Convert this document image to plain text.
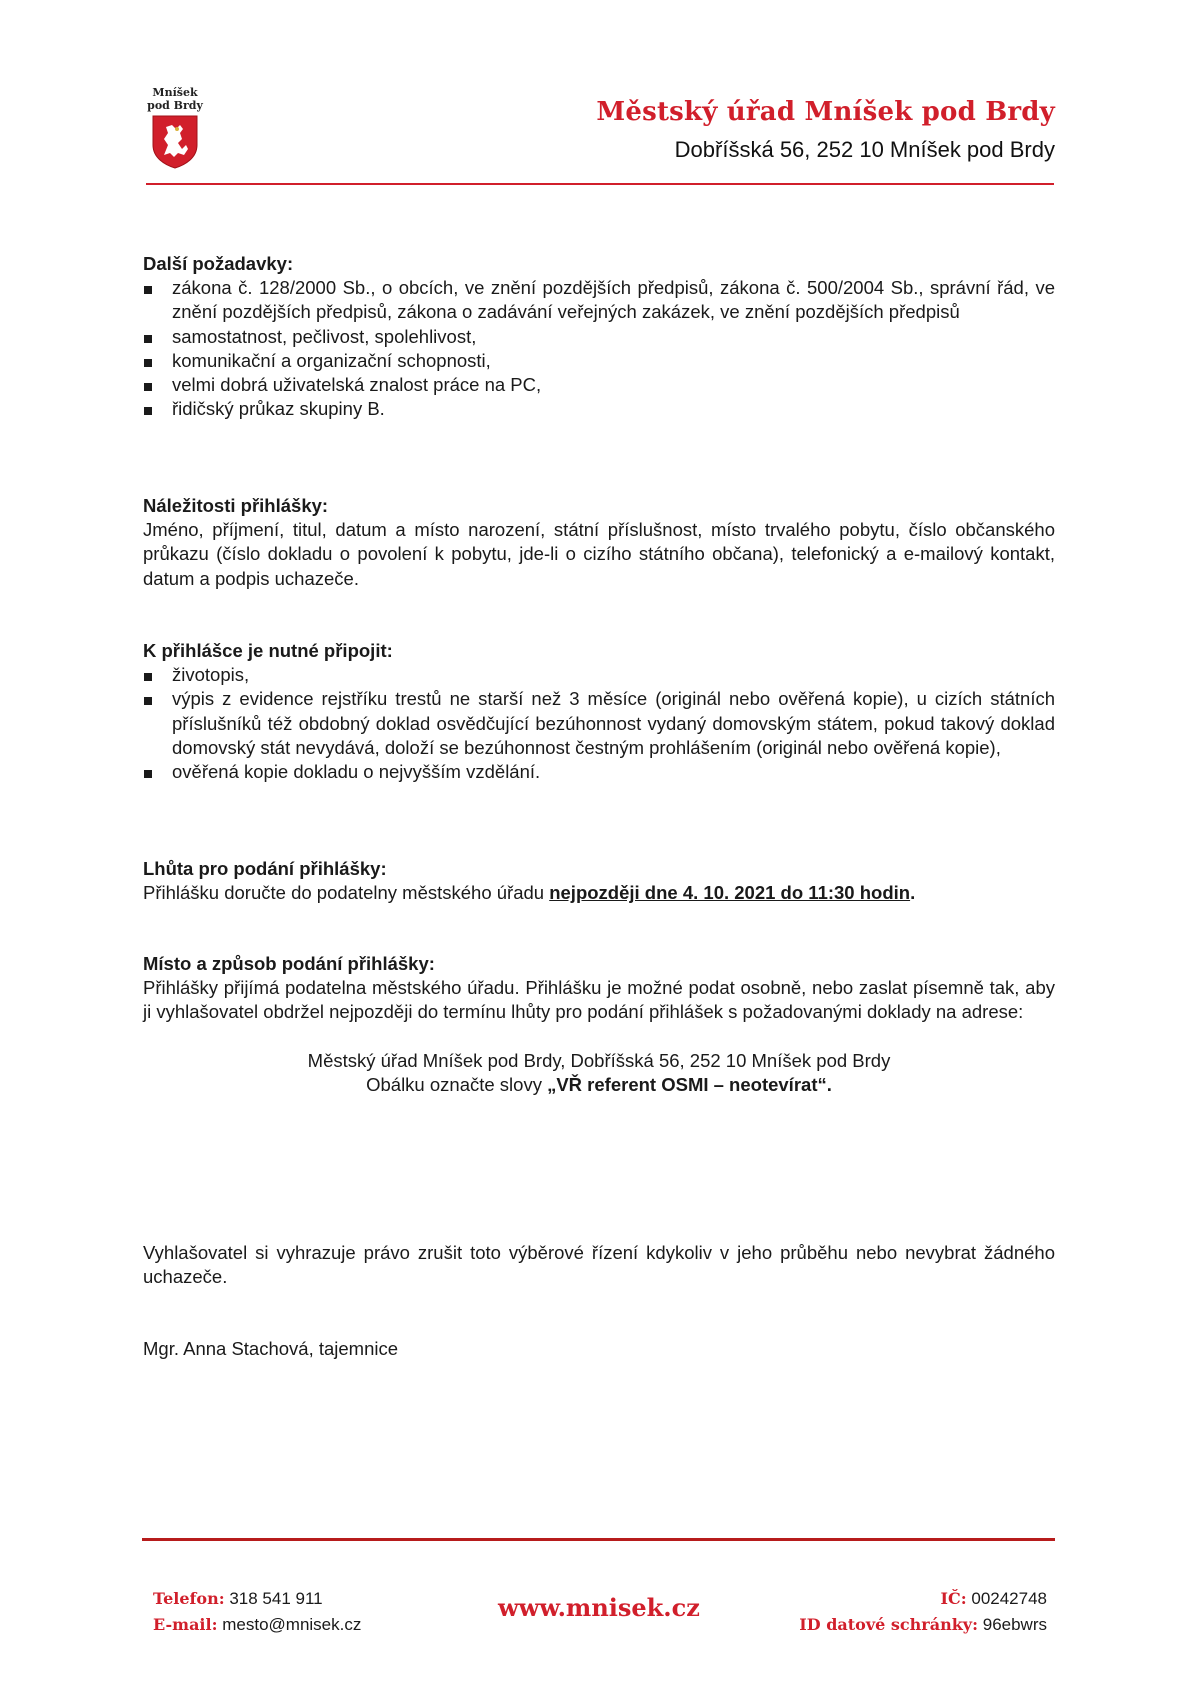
Mníšek
pod Brdy	Městský úřad Mníšek pod Brdy
Dobříšská 56, 252 10 Mníšek pod Brdy
Další požadavky:
zákona č. 128/2000 Sb., o obcích, ve znění pozdějších předpisů, zákona č. 500/2004 Sb., správní řád, ve znění pozdějších předpisů, zákona o zadávání veřejných zakázek, ve znění pozdějších předpisů
samostatnost, pečlivost, spolehlivost,
komunikační a organizační schopnosti,
velmi dobrá uživatelská znalost práce na PC,
řidičský průkaz skupiny B.
Náležitosti přihlášky:
Jméno, příjmení, titul, datum a místo narození, státní příslušnost, místo trvalého pobytu, číslo občanského průkazu (číslo dokladu o povolení k pobytu, jde-li o cizího státního občana), telefonický a e-mailový kontakt, datum a podpis uchazeče.
K přihlášce je nutné připojit:
životopis,
výpis z evidence rejstříku trestů ne starší než 3 měsíce (originál nebo ověřená kopie), u cizích státních příslušníků též obdobný doklad osvědčující bezúhonnost vydaný domovským státem, pokud takový doklad domovský stát nevydává, doloží se bezúhonnost čestným prohlášením (originál nebo ověřená kopie),
ověřená kopie dokladu o nejvyšším vzdělání.
Lhůta pro podání přihlášky:
Přihlášku doručte do podatelny městského úřadu nejpozději dne 4. 10. 2021 do 11:30 hodin.
Místo a způsob podání přihlášky:
Přihlášky přijímá podatelna městského úřadu. Přihlášku je možné podat osobně, nebo zaslat písemně tak, aby ji vyhlašovatel obdržel nejpozději do termínu lhůty pro podání přihlášek s požadovanými doklady na adrese:
Městský úřad Mníšek pod Brdy, Dobříšská 56, 252 10 Mníšek pod Brdy
Obálku označte slovy „VŘ referent OSMI – neotevírat“.
Vyhlašovatel si vyhrazuje právo zrušit toto výběrové řízení kdykoliv v jeho průběhu nebo nevybrat žádného uchazeče.
Mgr. Anna Stachová, tajemnice
Telefon: 318 541 911
E-mail: mesto@mnisek.cz
www.mnisek.cz	IČ: 00242748
ID datové schránky: 96ebwrs
